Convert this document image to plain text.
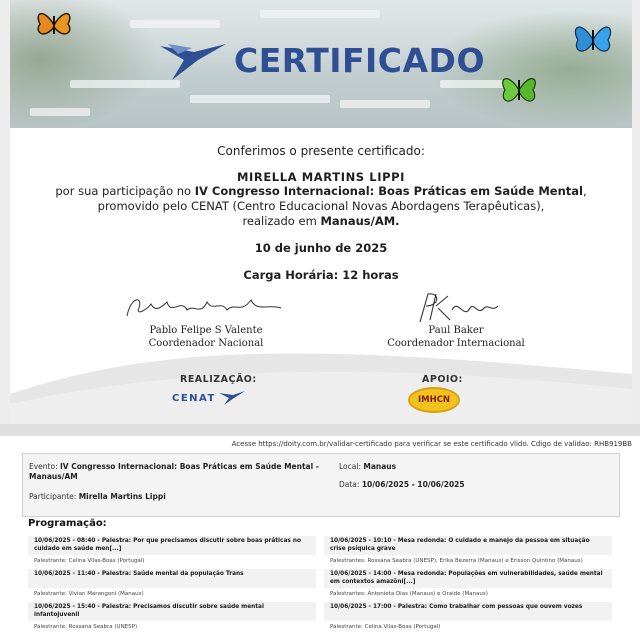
CERTIFICADO
Conferimos o presente certificado:
MIRELLA MARTINS LIPPI
por sua participação no IV Congresso Internacional: Boas Práticas em Saúde Mental,
promovido pelo CENAT (Centro Educacional Novas Abordagens Terapêuticas),
realizado em Manaus/AM.
10 de junho de 2025
Carga Horária: 12 horas
Pablo Felipe S Valente
Coordenador Nacional
Paul Baker
Coordenador Internacional
REALIZAÇÃO:	APOIO:
CENAT	IMHCN
Acesse https://doity.com.br/validar-certificado para verificar se este certificado vlido. Cdigo de validao: RHB919BB
Evento: IV Congresso Internacional: Boas Práticas em Saúde Mental - Manaus/AM
Participante: Mirella Martins Lippi
Local: Manaus
Data: 10/06/2025 - 10/06/2025
Programação:
10/06/2025 - 08:40 - Palestra: Por que precisamos discutir sobre boas práticas no cuidado em saúde men[...]
Palestrante: Celina Vilas-Boas (Portugal)
10/06/2025 - 10:10 - Mesa redonda: O cuidado e manejo da pessoa em situação crise psíquica grave
Palestrantes: Rossana Seabra (UNESP), Erika Bezerra (Manaus) e Erisson Quintino (Manaus)
10/06/2025 - 11:40 - Palestra: Saúde mental da população Trans
Palestrante: Vivian Marangoni (Manaus)
10/06/2025 - 14:00 - Mesa redonda: Populações em vulnerabilidades, saúde mental em contextos amazôni[...]
Palestrantes: Antonieta Dias (Manaus) e Oraide (Manaus)
10/06/2025 - 15:40 - Palestra: Precisamos discutir sobre saúde mental infantojuvenil
Palestrante: Rossana Seabra (UNESP)
10/06/2025 - 17:00 - Palestra: Como trabalhar com pessoas que ouvem vozes
Palestrante: Celina Vilas-Boas (Portugal)
